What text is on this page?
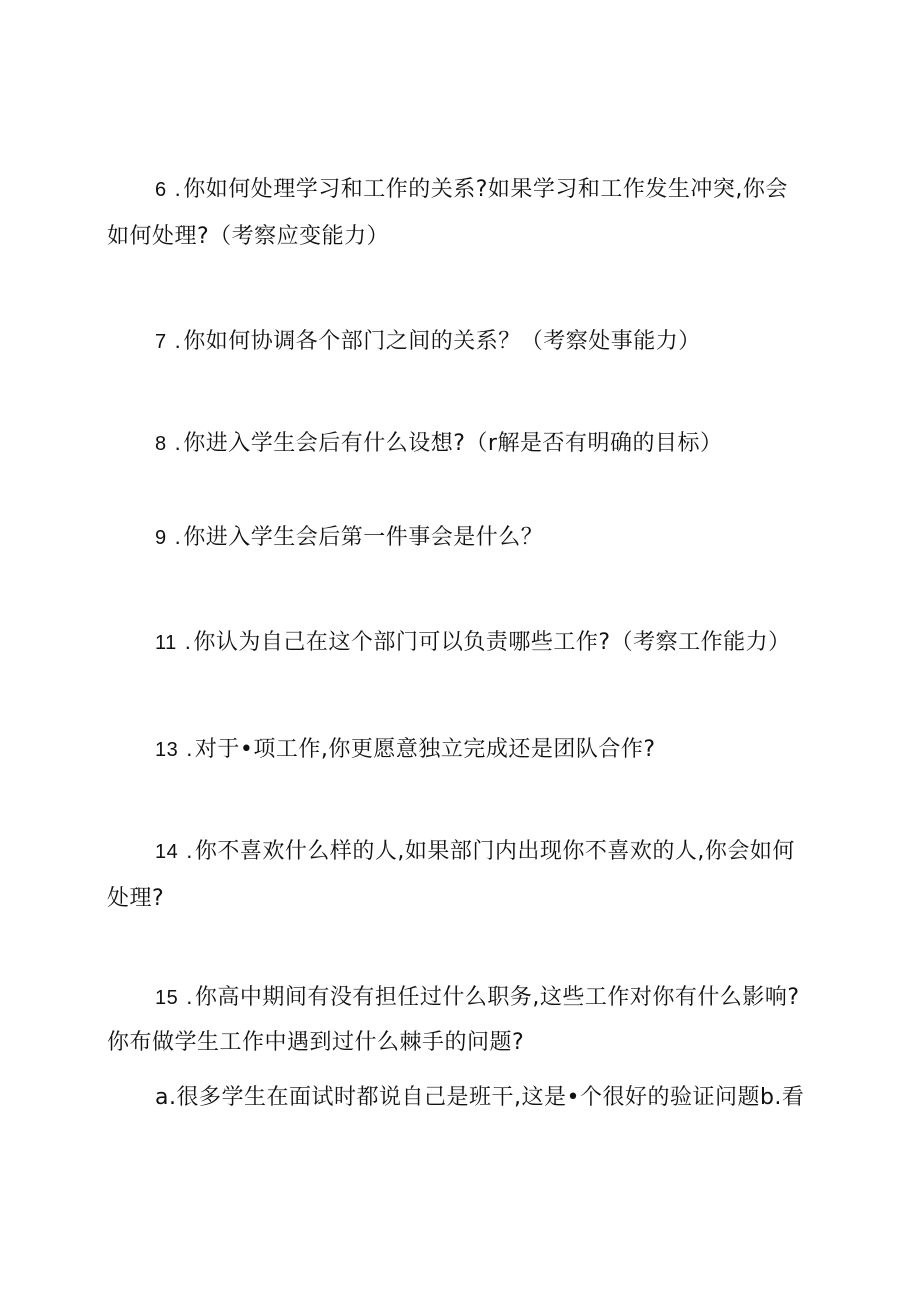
6 .你如何处理学习和工作的关系?如果学习和工作发生冲突,你会
如何处理?（考察应变能力）
7 .你如何协调各个部门之间的关系？（考察处事能力）
8 .你进入学生会后有什么设想?（r解是否有明确的目标）
9 .你进入学生会后第一件事会是什么？
11 .你认为自己在这个部门可以负责哪些工作?（考察工作能力）
13 .对于•项工作,你更愿意独立完成还是团队合作?
14 .你不喜欢什么样的人,如果部门内出现你不喜欢的人,你会如何
处理?
15 .你高中期间有没有担任过什么职务,这些工作对你有什么影响?
你布做学生工作中遇到过什么棘手的问题?
a.很多学生在面试时都说自己是班干,这是•个很好的验证问题b.看
